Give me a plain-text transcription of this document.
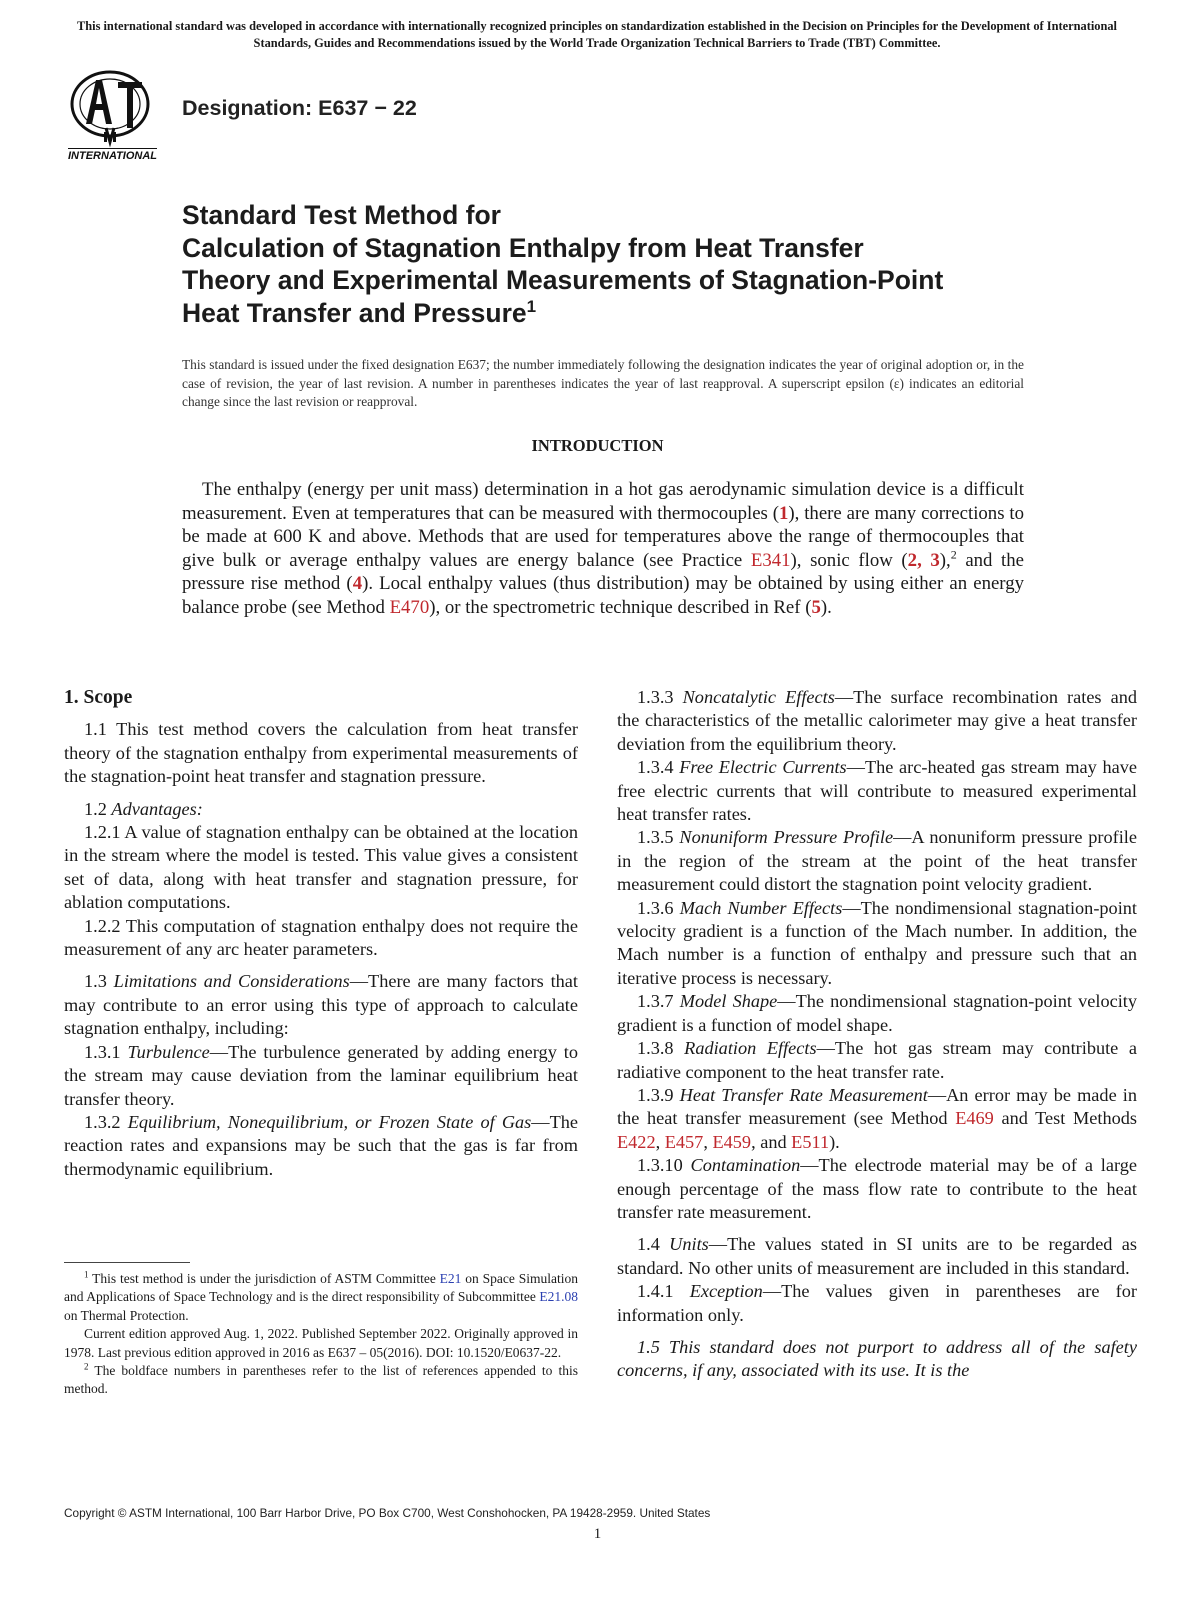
This international standard was developed in accordance with internationally recognized principles on standardization established in the Decision on Principles for the Development of International Standards, Guides and Recommendations issued by the World Trade Organization Technical Barriers to Trade (TBT) Committee.
INTERNATIONAL
Designation: E637 − 22
Standard Test Method for
Calculation of Stagnation Enthalpy from Heat Transfer
Theory and Experimental Measurements of Stagnation-Point
Heat Transfer and Pressure$^1$
This standard is issued under the fixed designation E637; the number immediately following the designation indicates the year of original adoption or, in the case of revision, the year of last revision. A number in parentheses indicates the year of last reapproval. A superscript epsilon (ε) indicates an editorial change since the last revision or reapproval.
INTRODUCTION

The enthalpy (energy per unit mass) determination in a hot gas aerodynamic simulation device is a difficult measurement. Even at temperatures that can be measured with thermocouples (1), there are many corrections to be made at 600 K and above. Methods that are used for temperatures above the range of thermocouples that give bulk or average enthalpy values are energy balance (see Practice E341), sonic flow (2, 3),$^2$ and the pressure rise method (4). Local enthalpy values (thus distribution) may be obtained by using either an energy balance probe (see Method E470), or the spectrometric technique described in Ref (5).

1. Scope

1.1 This test method covers the calculation from heat transfer theory of the stagnation enthalpy from experimental measurements of the stagnation-point heat transfer and stagnation pressure.

1.2 Advantages:

1.2.1 A value of stagnation enthalpy can be obtained at the location in the stream where the model is tested. This value gives a consistent set of data, along with heat transfer and stagnation pressure, for ablation computations.

1.2.2 This computation of stagnation enthalpy does not require the measurement of any arc heater parameters.

1.3 Limitations and Considerations—There are many factors that may contribute to an error using this type of approach to calculate stagnation enthalpy, including:

1.3.1 Turbulence—The turbulence generated by adding energy to the stream may cause deviation from the laminar equilibrium heat transfer theory.

1.3.2 Equilibrium, Nonequilibrium, or Frozen State of Gas—The reaction rates and expansions may be such that the gas is far from thermodynamic equilibrium.

$^1$ This test method is under the jurisdiction of ASTM Committee E21 on Space Simulation and Applications of Space Technology and is the direct responsibility of Subcommittee E21.08 on Thermal Protection.

Current edition approved Aug. 1, 2022. Published September 2022. Originally approved in 1978. Last previous edition approved in 2016 as E637 – 05(2016). DOI: 10.1520/E0637-22.

$^2$ The boldface numbers in parentheses refer to the list of references appended to this method.

1.3.3 Noncatalytic Effects—The surface recombination rates and the characteristics of the metallic calorimeter may give a heat transfer deviation from the equilibrium theory.

1.3.4 Free Electric Currents—The arc-heated gas stream may have free electric currents that will contribute to measured experimental heat transfer rates.

1.3.5 Nonuniform Pressure Profile—A nonuniform pressure profile in the region of the stream at the point of the heat transfer measurement could distort the stagnation point velocity gradient.

1.3.6 Mach Number Effects—The nondimensional stagnation-point velocity gradient is a function of the Mach number. In addition, the Mach number is a function of enthalpy and pressure such that an iterative process is necessary.

1.3.7 Model Shape—The nondimensional stagnation-point velocity gradient is a function of model shape.

1.3.8 Radiation Effects—The hot gas stream may contribute a radiative component to the heat transfer rate.

1.3.9 Heat Transfer Rate Measurement—An error may be made in the heat transfer measurement (see Method E469 and Test Methods E422, E457, E459, and E511).

1.3.10 Contamination—The electrode material may be of a large enough percentage of the mass flow rate to contribute to the heat transfer rate measurement.

1.4 Units—The values stated in SI units are to be regarded as standard. No other units of measurement are included in this standard.

1.4.1 Exception—The values given in parentheses are for information only.

1.5 This standard does not purport to address all of the safety concerns, if any, associated with its use. It is the

Copyright © ASTM International, 100 Barr Harbor Drive, PO Box C700, West Conshohocken, PA 19428-2959. United States
1
